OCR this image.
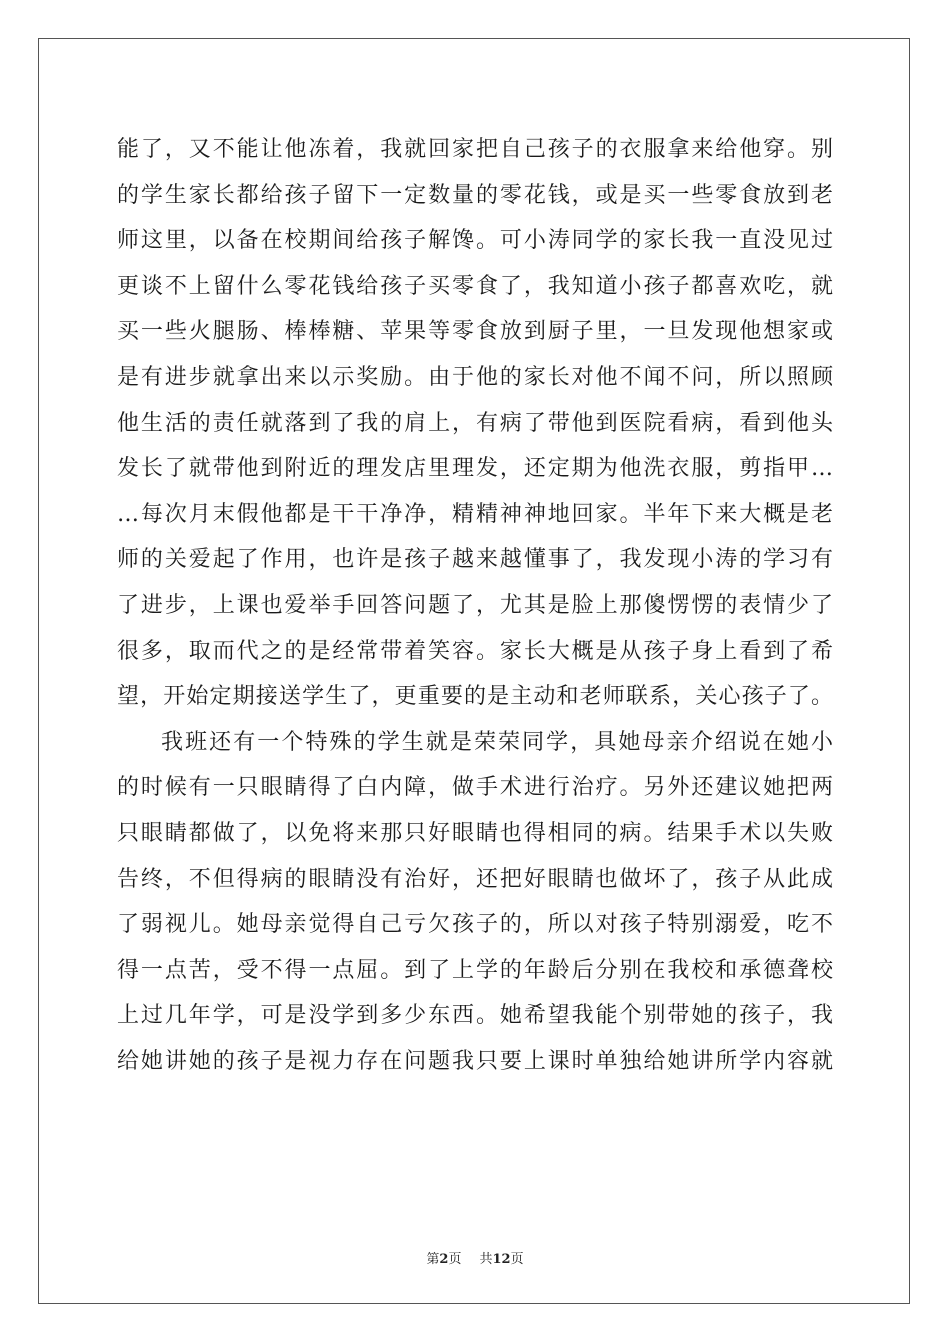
能了，又不能让他冻着，我就回家把自己孩子的衣服拿来给他穿。别
的学生家长都给孩子留下一定数量的零花钱，或是买一些零食放到老
师这里，以备在校期间给孩子解馋。可小涛同学的家长我一直没见过
更谈不上留什么零花钱给孩子买零食了，我知道小孩子都喜欢吃，就
买一些火腿肠、棒棒糖、苹果等零食放到厨子里，一旦发现他想家或
是有进步就拿出来以示奖励。由于他的家长对他不闻不问，所以照顾
他生活的责任就落到了我的肩上，有病了带他到医院看病，看到他头
发长了就带他到附近的理发店里理发，还定期为他洗衣服，剪指甲…
…每次月末假他都是干干净净，精精神神地回家。半年下来大概是老
师的关爱起了作用，也许是孩子越来越懂事了，我发现小涛的学习有
了进步，上课也爱举手回答问题了，尤其是脸上那傻愣愣的表情少了
很多，取而代之的是经常带着笑容。家长大概是从孩子身上看到了希
望，开始定期接送学生了，更重要的是主动和老师联系，关心孩子了。
我班还有一个特殊的学生就是荣荣同学，具她母亲介绍说在她小
的时候有一只眼睛得了白内障，做手术进行治疗。另外还建议她把两
只眼睛都做了，以免将来那只好眼睛也得相同的病。结果手术以失败
告终，不但得病的眼睛没有治好，还把好眼睛也做坏了，孩子从此成
了弱视儿。她母亲觉得自己亏欠孩子的，所以对孩子特别溺爱，吃不
得一点苦，受不得一点屈。到了上学的年龄后分别在我校和承德聋校
上过几年学，可是没学到多少东西。她希望我能个别带她的孩子，我
给她讲她的孩子是视力存在问题我只要上课时单独给她讲所学内容就
第2页 共12页
